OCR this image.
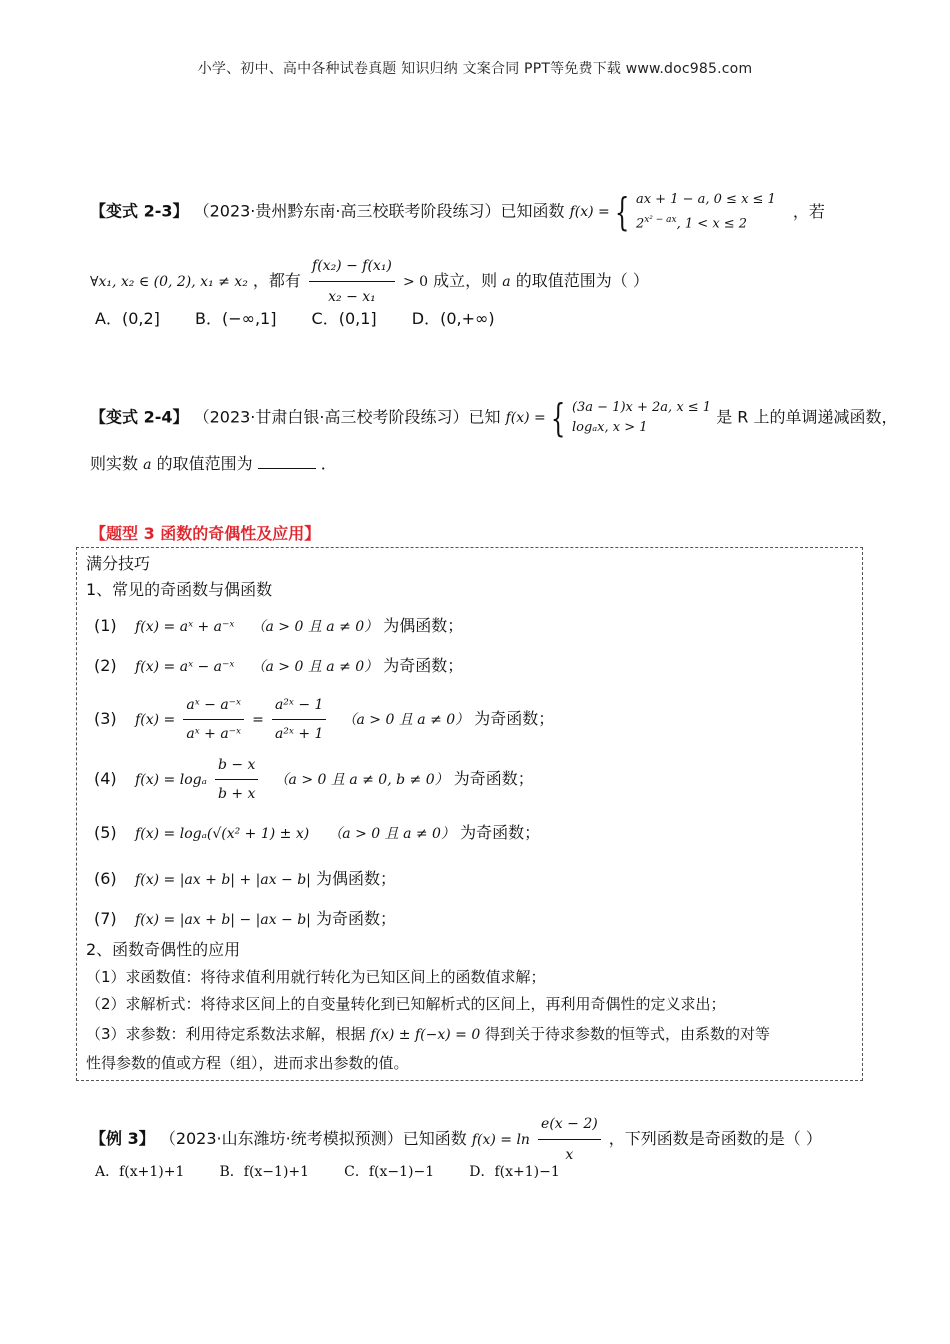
小学、初中、高中各种试卷真题 知识归纳 文案合同 PPT等免费下载 www.doc985.com
【变式 2-3】 （2023·贵州黔东南·高三校联考阶段练习）已知函数 f(x) = { ax + 1 − a, 0 ≤ x ≤ 1
$2^{x^2 - ax}$, 1 < x ≤ 2
，若
∀x₁, x₂ ∈ (0, 2), x₁ ≠ x₂ ，都有 $\frac{\text{f(x₂) − f(x₁)}}{\text{x₂ − x₁}} > 0$ 成立，则 a 的取值范围为（ ）
A．(0,2] B．(−∞,1] C．(0,1] D．(0,+∞)
【变式 2-4】 （2023·甘肃白银·高三校考阶段练习）已知 f(x) = { (3a − 1)x + 2a, x ≤ 1
logₐx, x > 1
是 R 上的单调递减函数，
则实数 a 的取值范围为	．
【题型 3 函数的奇偶性及应用】
满分技巧
1、常见的奇函数与偶函数
(1) f(x) = aˣ + a⁻ˣ （a > 0 且 a ≠ 0） 为偶函数；
(2) f(x) = aˣ − a⁻ˣ （a > 0 且 a ≠ 0） 为奇函数；
(3) $f(x) = \frac{\text{aˣ − a⁻ˣ}}{\text{aˣ + a⁻ˣ}} = \frac{\text{a²ˣ − 1}}{\text{a²ˣ + 1}} (a > 0$ 且 a ≠ 0） 为奇函数；
(4) f(x) = logₐ $\frac{b - x}{b + x} (a > 0$ 且 a ≠ 0, b ≠ 0） 为奇函数；
(5) f(x) = logₐ(√(x² + 1) ± x) （a > 0 且 a ≠ 0） 为奇函数；
(6) f(x) = |ax + b| + |ax − b| 为偶函数；
(7) f(x) = |ax + b| − |ax − b| 为奇函数；
2、函数奇偶性的应用
（1）求函数值：将待求值利用就行转化为已知区间上的函数值求解；
（2）求解析式：将待求区间上的自变量转化到已知解析式的区间上，再利用奇偶性的定义求出；
（3）求参数：利用待定系数法求解，根据 f(x) ± f(−x) = 0 得到关于待求参数的恒等式，由系数的对等
性得参数的值或方程（组），进而求出参数的值。
【例 3】 （2023·山东潍坊·统考模拟预测）已知函数 $f(x) = \ln \frac{e(x - 2)}{x}$ ，下列函数是奇函数的是（ ）
A．f(x+1)+1	B．f(x−1)+1	C．f(x−1)−1	D．f(x+1)−1
